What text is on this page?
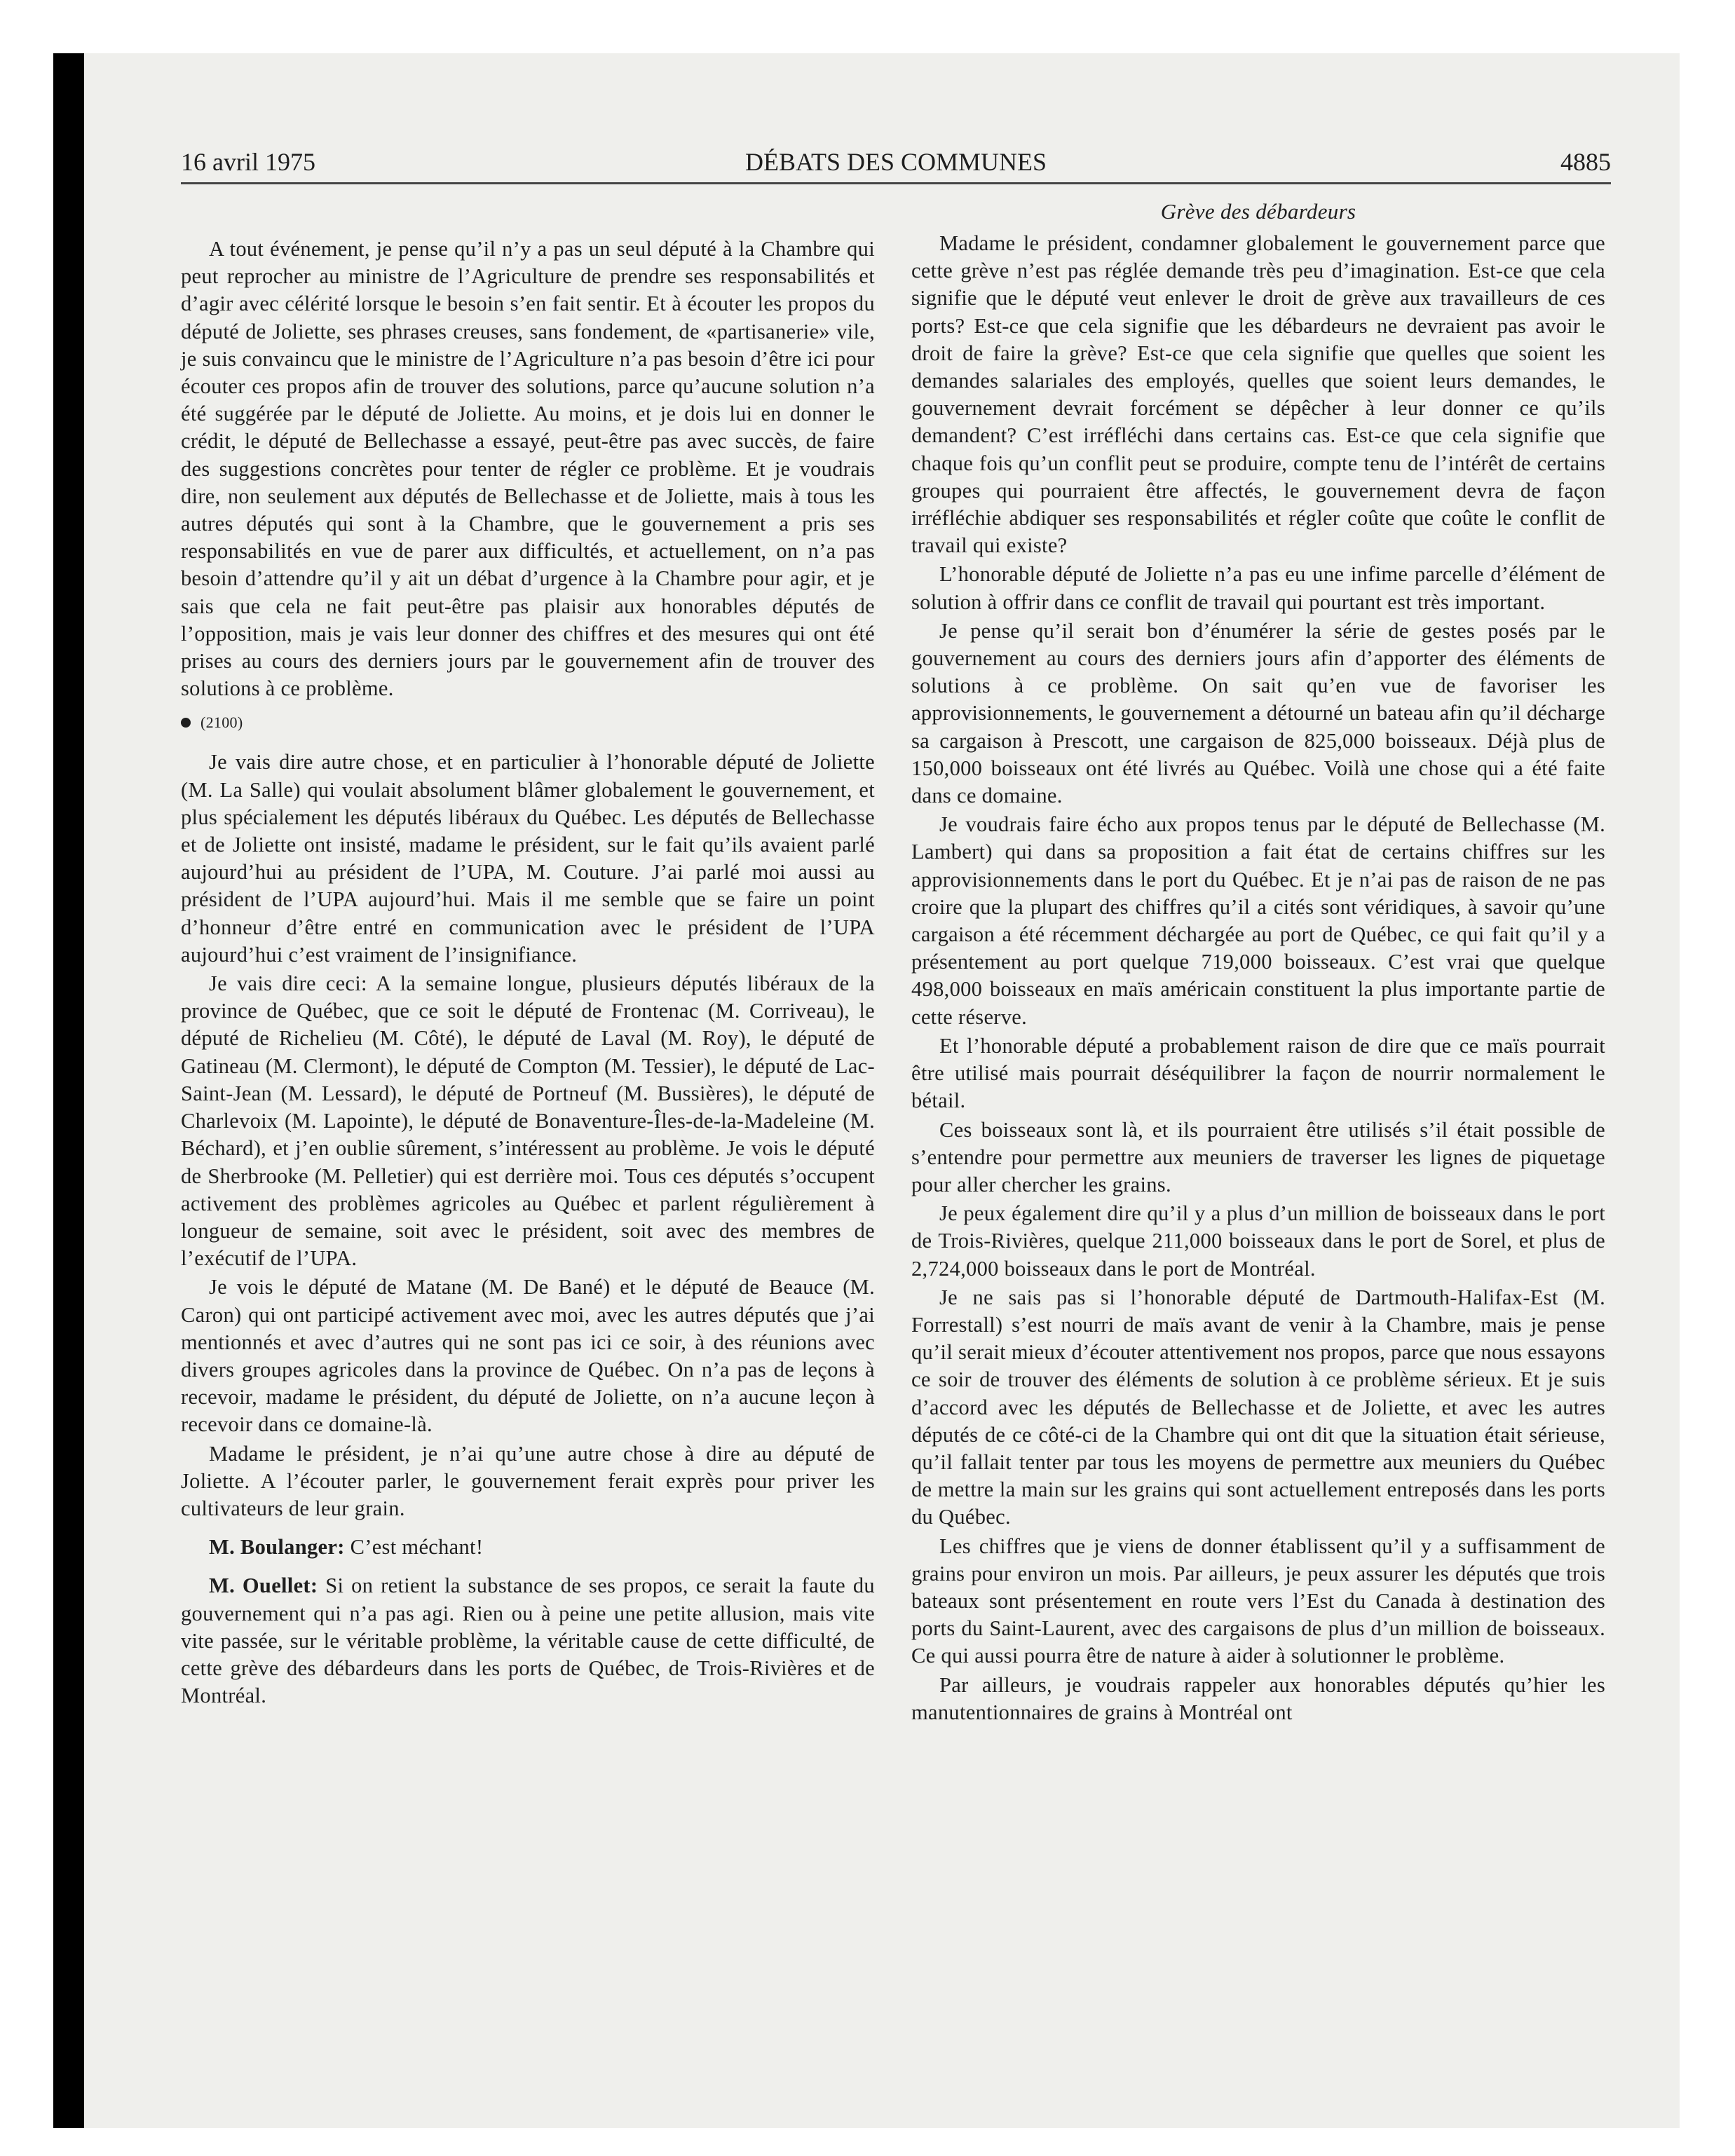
DÉBATS DES COMMUNES
16 avril 1975	4885

A tout événement, je pense qu’il n’y a pas un seul député à la Chambre qui peut reprocher au ministre de l’Agriculture de prendre ses responsabilités et d’agir avec célérité lorsque le besoin s’en fait sentir. Et à écouter les propos du député de Joliette, ses phrases creuses, sans fondement, de «partisanerie» vile, je suis convaincu que le ministre de l’Agriculture n’a pas besoin d’être ici pour écouter ces propos afin de trouver des solutions, parce qu’aucune solution n’a été suggérée par le député de Joliette. Au moins, et je dois lui en donner le crédit, le député de Bellechasse a essayé, peut-être pas avec succès, de faire des suggestions concrètes pour tenter de régler ce problème. Et je voudrais dire, non seulement aux députés de Bellechasse et de Joliette, mais à tous les autres députés qui sont à la Chambre, que le gouvernement a pris ses responsabilités en vue de parer aux difficultés, et actuellement, on n’a pas besoin d’attendre qu’il y ait un débat d’urgence à la Chambre pour agir, et je sais que cela ne fait peut-être pas plaisir aux honorables députés de l’opposition, mais je vais leur donner des chiffres et des mesures qui ont été prises au cours des derniers jours par le gouvernement afin de trouver des solutions à ce problème.

(2100)

Je vais dire autre chose, et en particulier à l’honorable député de Joliette (M. La Salle) qui voulait absolument blâmer globalement le gouvernement, et plus spécialement les députés libéraux du Québec. Les députés de Bellechasse et de Joliette ont insisté, madame le président, sur le fait qu’ils avaient parlé aujourd’hui au président de l’UPA, M. Couture. J’ai parlé moi aussi au président de l’UPA aujourd’hui. Mais il me semble que se faire un point d’honneur d’être entré en communication avec le président de l’UPA aujourd’hui c’est vraiment de l’insignifiance.

Je vais dire ceci: A la semaine longue, plusieurs députés libéraux de la province de Québec, que ce soit le député de Frontenac (M. Corriveau), le député de Richelieu (M. Côté), le député de Laval (M. Roy), le député de Gatineau (M. Clermont), le député de Compton (M. Tessier), le député de Lac-Saint-Jean (M. Lessard), le député de Portneuf (M. Bussières), le député de Charlevoix (M. Lapointe), le député de Bonaventure-Îles-de-la-Madeleine (M. Béchard), et j’en oublie sûrement, s’intéressent au problème. Je vois le député de Sherbrooke (M. Pelletier) qui est derrière moi. Tous ces députés s’occupent activement des problèmes agricoles au Québec et parlent régulièrement à longueur de semaine, soit avec le président, soit avec des membres de l’exécutif de l’UPA.

Je vois le député de Matane (M. De Bané) et le député de Beauce (M. Caron) qui ont participé activement avec moi, avec les autres députés que j’ai mentionnés et avec d’autres qui ne sont pas ici ce soir, à des réunions avec divers groupes agricoles dans la province de Québec. On n’a pas de leçons à recevoir, madame le président, du député de Joliette, on n’a aucune leçon à recevoir dans ce domaine-là.

Madame le président, je n’ai qu’une autre chose à dire au député de Joliette. A l’écouter parler, le gouvernement ferait exprès pour priver les cultivateurs de leur grain.

M. Boulanger: C’est méchant!

M. Ouellet: Si on retient la substance de ses propos, ce serait la faute du gouvernement qui n’a pas agi. Rien ou à peine une petite allusion, mais vite vite passée, sur le véritable problème, la véritable cause de cette difficulté, de cette grève des débardeurs dans les ports de Québec, de Trois-Rivières et de Montréal.

Grève des débardeurs

Madame le président, condamner globalement le gouvernement parce que cette grève n’est pas réglée demande très peu d’imagination. Est-ce que cela signifie que le député veut enlever le droit de grève aux travailleurs de ces ports? Est-ce que cela signifie que les débardeurs ne devraient pas avoir le droit de faire la grève? Est-ce que cela signifie que quelles que soient les demandes salariales des employés, quelles que soient leurs demandes, le gouvernement devrait forcément se dépêcher à leur donner ce qu’ils demandent? C’est irréfléchi dans certains cas. Est-ce que cela signifie que chaque fois qu’un conflit peut se produire, compte tenu de l’intérêt de certains groupes qui pourraient être affectés, le gouvernement devra de façon irréfléchie abdiquer ses responsabilités et régler coûte que coûte le conflit de travail qui existe?

L’honorable député de Joliette n’a pas eu une infime parcelle d’élément de solution à offrir dans ce conflit de travail qui pourtant est très important.

Je pense qu’il serait bon d’énumérer la série de gestes posés par le gouvernement au cours des derniers jours afin d’apporter des éléments de solutions à ce problème. On sait qu’en vue de favoriser les approvisionnements, le gouvernement a détourné un bateau afin qu’il décharge sa cargaison à Prescott, une cargaison de 825,000 boisseaux. Déjà plus de 150,000 boisseaux ont été livrés au Québec. Voilà une chose qui a été faite dans ce domaine.

Je voudrais faire écho aux propos tenus par le député de Bellechasse (M. Lambert) qui dans sa proposition a fait état de certains chiffres sur les approvisionnements dans le port du Québec. Et je n’ai pas de raison de ne pas croire que la plupart des chiffres qu’il a cités sont véridiques, à savoir qu’une cargaison a été récemment déchargée au port de Québec, ce qui fait qu’il y a présentement au port quelque 719,000 boisseaux. C’est vrai que quelque 498,000 boisseaux en maïs américain constituent la plus importante partie de cette réserve.

Et l’honorable député a probablement raison de dire que ce maïs pourrait être utilisé mais pourrait déséquilibrer la façon de nourrir normalement le bétail.

Ces boisseaux sont là, et ils pourraient être utilisés s’il était possible de s’entendre pour permettre aux meuniers de traverser les lignes de piquetage pour aller chercher les grains.

Je peux également dire qu’il y a plus d’un million de boisseaux dans le port de Trois-Rivières, quelque 211,000 boisseaux dans le port de Sorel, et plus de 2,724,000 boisseaux dans le port de Montréal.

Je ne sais pas si l’honorable député de Dartmouth-Halifax-Est (M. Forrestall) s’est nourri de maïs avant de venir à la Chambre, mais je pense qu’il serait mieux d’écouter attentivement nos propos, parce que nous essayons ce soir de trouver des éléments de solution à ce problème sérieux. Et je suis d’accord avec les députés de Bellechasse et de Joliette, et avec les autres députés de ce côté-ci de la Chambre qui ont dit que la situation était sérieuse, qu’il fallait tenter par tous les moyens de permettre aux meuniers du Québec de mettre la main sur les grains qui sont actuellement entreposés dans les ports du Québec.

Les chiffres que je viens de donner établissent qu’il y a suffisamment de grains pour environ un mois. Par ailleurs, je peux assurer les députés que trois bateaux sont présentement en route vers l’Est du Canada à destination des ports du Saint-Laurent, avec des cargaisons de plus d’un million de boisseaux. Ce qui aussi pourra être de nature à aider à solutionner le problème.

Par ailleurs, je voudrais rappeler aux honorables députés qu’hier les manutentionnaires de grains à Montréal ont
